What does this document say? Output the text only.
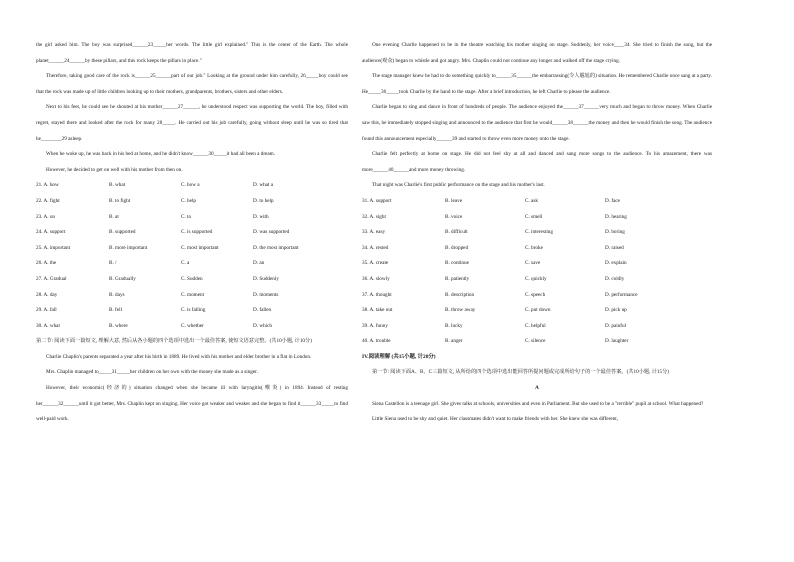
the girl asked him. The boy was surprised______23_____her words. The little girl explained." This is the center of the Earth. The whole planet______24______by these pillars, and this rock keeps the pillars in place."

Therefore, taking good care of the rock is______25______part of our job." Looking at the ground under him carefully, 26_____boy could see that the rock was made up of little children looking up to their mothers, grandparents, brothers, sisters and other elders.

Next to his feet, he could see he shouted at his mother______27______, he understood respect was supporting the world. The boy, filled with regret, stayed there and looked after the rock for many 28_____. He carried out his job carefully, going without sleep until he was so tired that he________29 asleep.

When he woke up, he was back in his bed at home, and he didn't know______30_____it had all been a dream.

However, he decided to get on well with his mother from then on.

21. A. how	B. what	C. how a	D. what a
22. A. fight	B. to fight	C. help	D. to help
23. A. on	B. at	C. to	D. with
24. A. support	B. supported	C. is supported	D. was supported
25. A. important	B. more important	C. most important	D. the most important
26. A. the	B. /	C. a	D. an
27. A. Gradual	B. Gradually	C. Sudden	D. Suddenly
28. A. day	B. days	C. moment	D. moments
29. A. fall	B. fell	C. is falling	D. fallen
30. A. what	B. where	C. whether	D. which

第二节: 阅读下面一篇短文, 理解大意, 然后从各小题的四个选项中选出一个最佳答案, 使短文语意完整。(共10小题, 计10分)

Charlie Chaplin's parents separated a year after his birth in 1889. He lived with his mother and elder brother in a flat in London.

Mrs. Chaplin managed to_____31_____her children on her own with the money she made as a singer.

However, their economic(经济的) situation changed when she became ill with laryngitis(喉炎) in 1894. Instead of resting her______32______until it got better, Mrs. Chaplin kept on singing. Her voice got weaker and weaker and she began to find it______33_____to find well-paid work.

One evening Charlie happened to be in the theatre watching his mother singing on stage. Suddenly, her voice____34. She tried to finish the song, but the audience(观众) began to whistle and got angry. Mrs. Chaplin could not continue any longer and walked off the stage crying.

The stage manager knew he had to do something quickly to______35______the embarrassing(令人尴尬的) situation. He remembered Charlie once sang at a party. He_____36_____took Charlie by the hand to the stage. After a brief introduction, he left Charlie to please the audience.

Charlie began to sing and dance in front of hundreds of people. The audience enjoyed the______37______very much and began to throw money. When Charlie saw this, he immediately stopped singing and announced to the audience that first he would______38______the money and then he would finish the song. The audience found this announcement especially______39 and started to throw even more money onto the stage.

Charlie felt perfectly at home on stage. He did not feel shy at all and danced and sang more songs to the audience. To his amazement, there was more______40______and more money throwing.

That night was Charlie's first public performance on the stage and his mother's last.

31. A. support	B. leave	C. ask	D. face
32. A. sight	B. voice	C. smell	D. hearing
33. A. easy	B. difficult	C. interesting	D. boring
34. A. rested	B. dropped	C. broke	D. raised
35. A. create	B. continue	C. save	D. explain
36. A. slowly	B. patiently	C. quickly	D. coldly
37. A. thought	B. description	C. speech	D. performance
38. A. take out	B. throw away	C. put down	D. pick up
39. A. funny	B. lucky	C. helpful	D. painful
40. A. trouble	B. anger	C. silence	D. laughter

IV.阅读理解 (共15小题, 计20分)

第一节: 阅读下面A、B、C三篇短文, 从所给的四个选项中选出能回答所提问题或完成所给句子的一个最佳答案。(共10小题, 计15分)

A

Siena Castellon is a teenage girl. She gives talks at schools, universities and even in Parliament. But she used to be a "terrible" pupil at school. What happened?

Little Siena used to be shy and quiet. Her classmates didn't want to make friends with her. She knew she was different,
